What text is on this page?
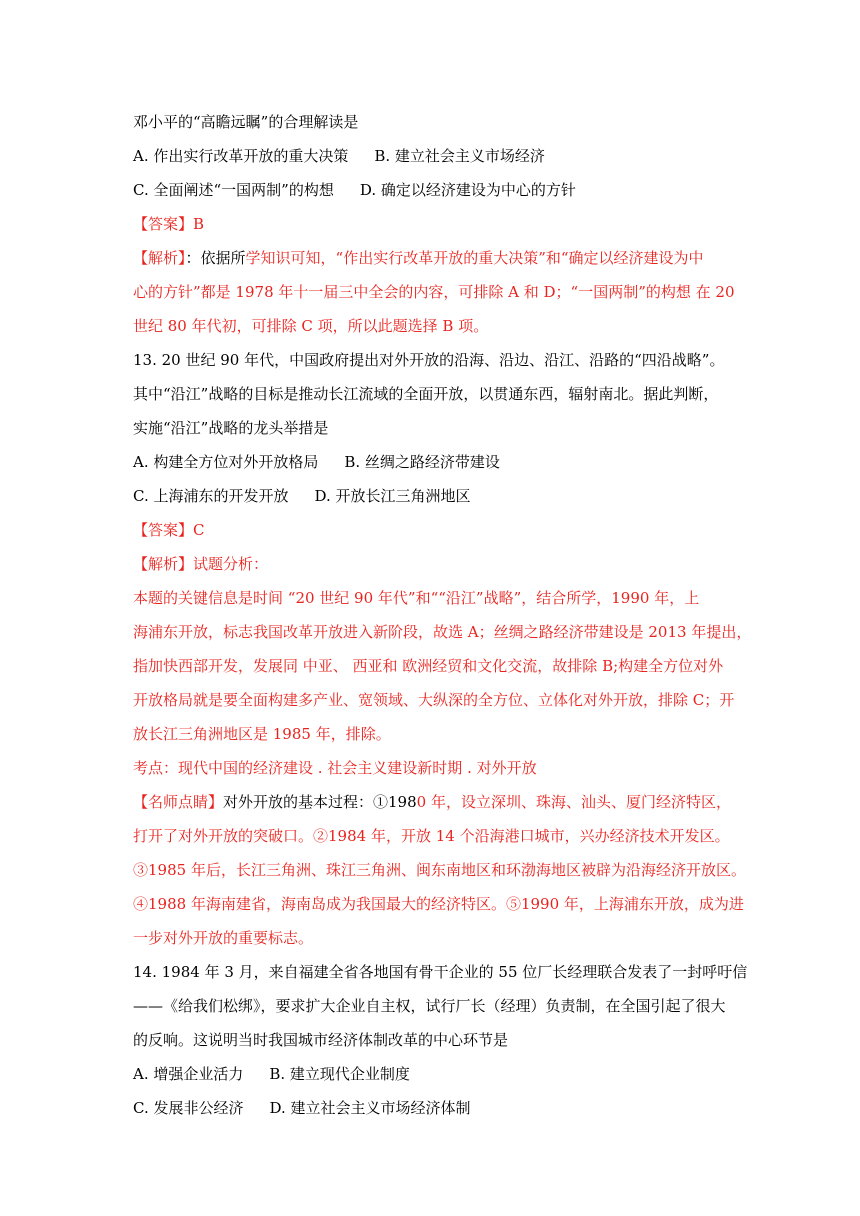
邓小平的“高瞻远瞩”的合理解读是
A. 作出实行改革开放的重大决策 B. 建立社会主义市场经济
C. 全面阐述“一国两制”的构想 D. 确定以经济建设为中心的方针
【答案】B
【解析】：依据所学知识可知，“作出实行改革开放的重大决策”和“确定以经济建设为中
心的方针”都是 1978 年十一届三中全会的内容，可排除 A 和 D；“一国两制”的构想 在 20
世纪 80 年代初，可排除 C 项，所以此题选择 B 项。
13. 20 世纪 90 年代，中国政府提出对外开放的沿海、沿边、沿江、沿路的“四沿战略”。
其中“沿江”战略的目标是推动长江流域的全面开放，以贯通东西，辐射南北。据此判断，
实施“沿江”战略的龙头举措是
A. 构建全方位对外开放格局 B. 丝绸之路经济带建设
C. 上海浦东的开发开放 D. 开放长江三角洲地区
【答案】C
【解析】试题分析：
本题的关键信息是时间 “20 世纪 90 年代”和““沿江”战略”，结合所学，1990 年，上
海浦东开放，标志我国改革开放进入新阶段，故选 A；丝绸之路经济带建设是 2013 年提出，
指加快西部开发，发展同 中亚、 西亚和 欧洲经贸和文化交流，故排除 B;构建全方位对外
开放格局就是要全面构建多产业、宽领域、大纵深的全方位、立体化对外开放，排除 C；开
放长江三角洲地区是 1985 年，排除。
考点：现代中国的经济建设 . 社会主义建设新时期 . 对外开放
【名师点睛】对外开放的基本过程：①1980 年，设立深圳、珠海、汕头、厦门经济特区，
打开了对外开放的突破口。②1984 年，开放 14 个沿海港口城市，兴办经济技术开发区。
③1985 年后，长江三角洲、珠江三角洲、闽东南地区和环渤海地区被辟为沿海经济开放区。
④1988 年海南建省，海南岛成为我国最大的经济特区。⑤1990 年，上海浦东开放，成为进
一步对外开放的重要标志。
14. 1984 年 3 月，来自福建全省各地国有骨干企业的 55 位厂长经理联合发表了一封呼吁信
——《给我们松绑》，要求扩大企业自主权，试行厂长（经理）负责制，在全国引起了很大
的反响。这说明当时我国城市经济体制改革的中心环节是
A. 增强企业活力 B. 建立现代企业制度
C. 发展非公经济 D. 建立社会主义市场经济体制
